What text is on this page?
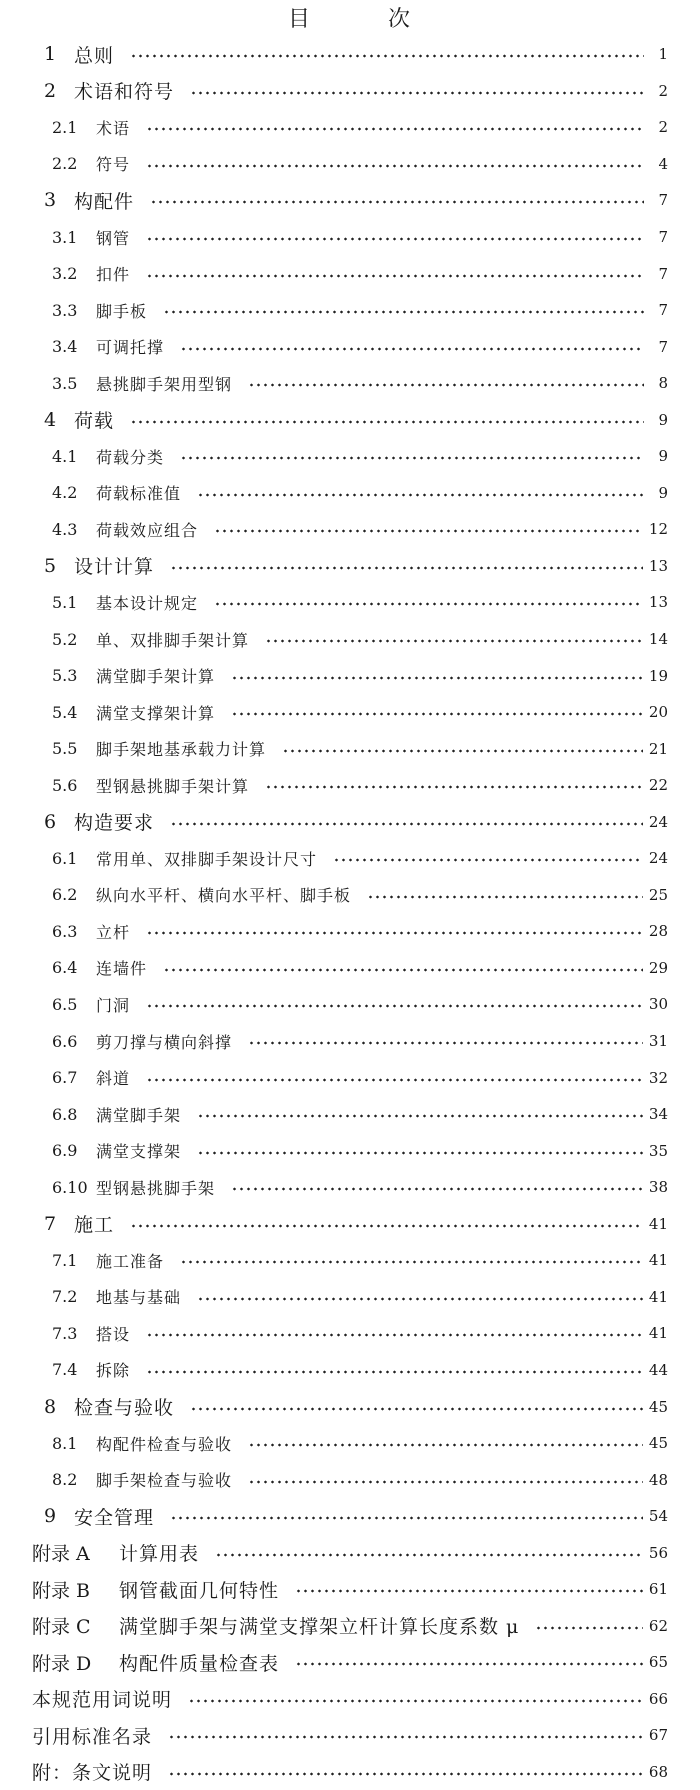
目	次
1 总则	1
2 术语和符号	2
2.1	术语	2
2.2	符号	4
3 构配件	7
3.1	钢管	7
3.2	扣件	7
3.3	脚手板	7
3.4	可调托撑	7
3.5	悬挑脚手架用型钢	8
4 荷载	9
4.1	荷载分类	9
4.2	荷载标准值	9
4.3	荷载效应组合	12
5 设计计算	13
5.1	基本设计规定	13
5.2	单、双排脚手架计算	14
5.3	满堂脚手架计算	19
5.4	满堂支撑架计算	20
5.5	脚手架地基承载力计算	21
5.6	型钢悬挑脚手架计算	22
6 构造要求	24
6.1	常用单、双排脚手架设计尺寸	24
6.2	纵向水平杆、横向水平杆、脚手板	25
6.3	立杆	28
6.4	连墙件	29
6.5	门洞	30
6.6	剪刀撑与横向斜撑	31
6.7	斜道	32
6.8	满堂脚手架	34
6.9	满堂支撑架	35
6.10 型钢悬挑脚手架	38
7 施工	41
7.1	施工准备	41
7.2	地基与基础	41
7.3	搭设	41
7.4	拆除	44
8 检查与验收	45
8.1	构配件检查与验收	45
8.2	脚手架检查与验收	48
9 安全管理	54
附录 A	计算用表	56
附录 B	钢管截面几何特性	61
附录 C	满堂脚手架与满堂支撑架立杆计算长度系数 μ	62
附录 D	构配件质量检查表	65
本规范用词说明	66
引用标准名录	67
附：条文说明	68
